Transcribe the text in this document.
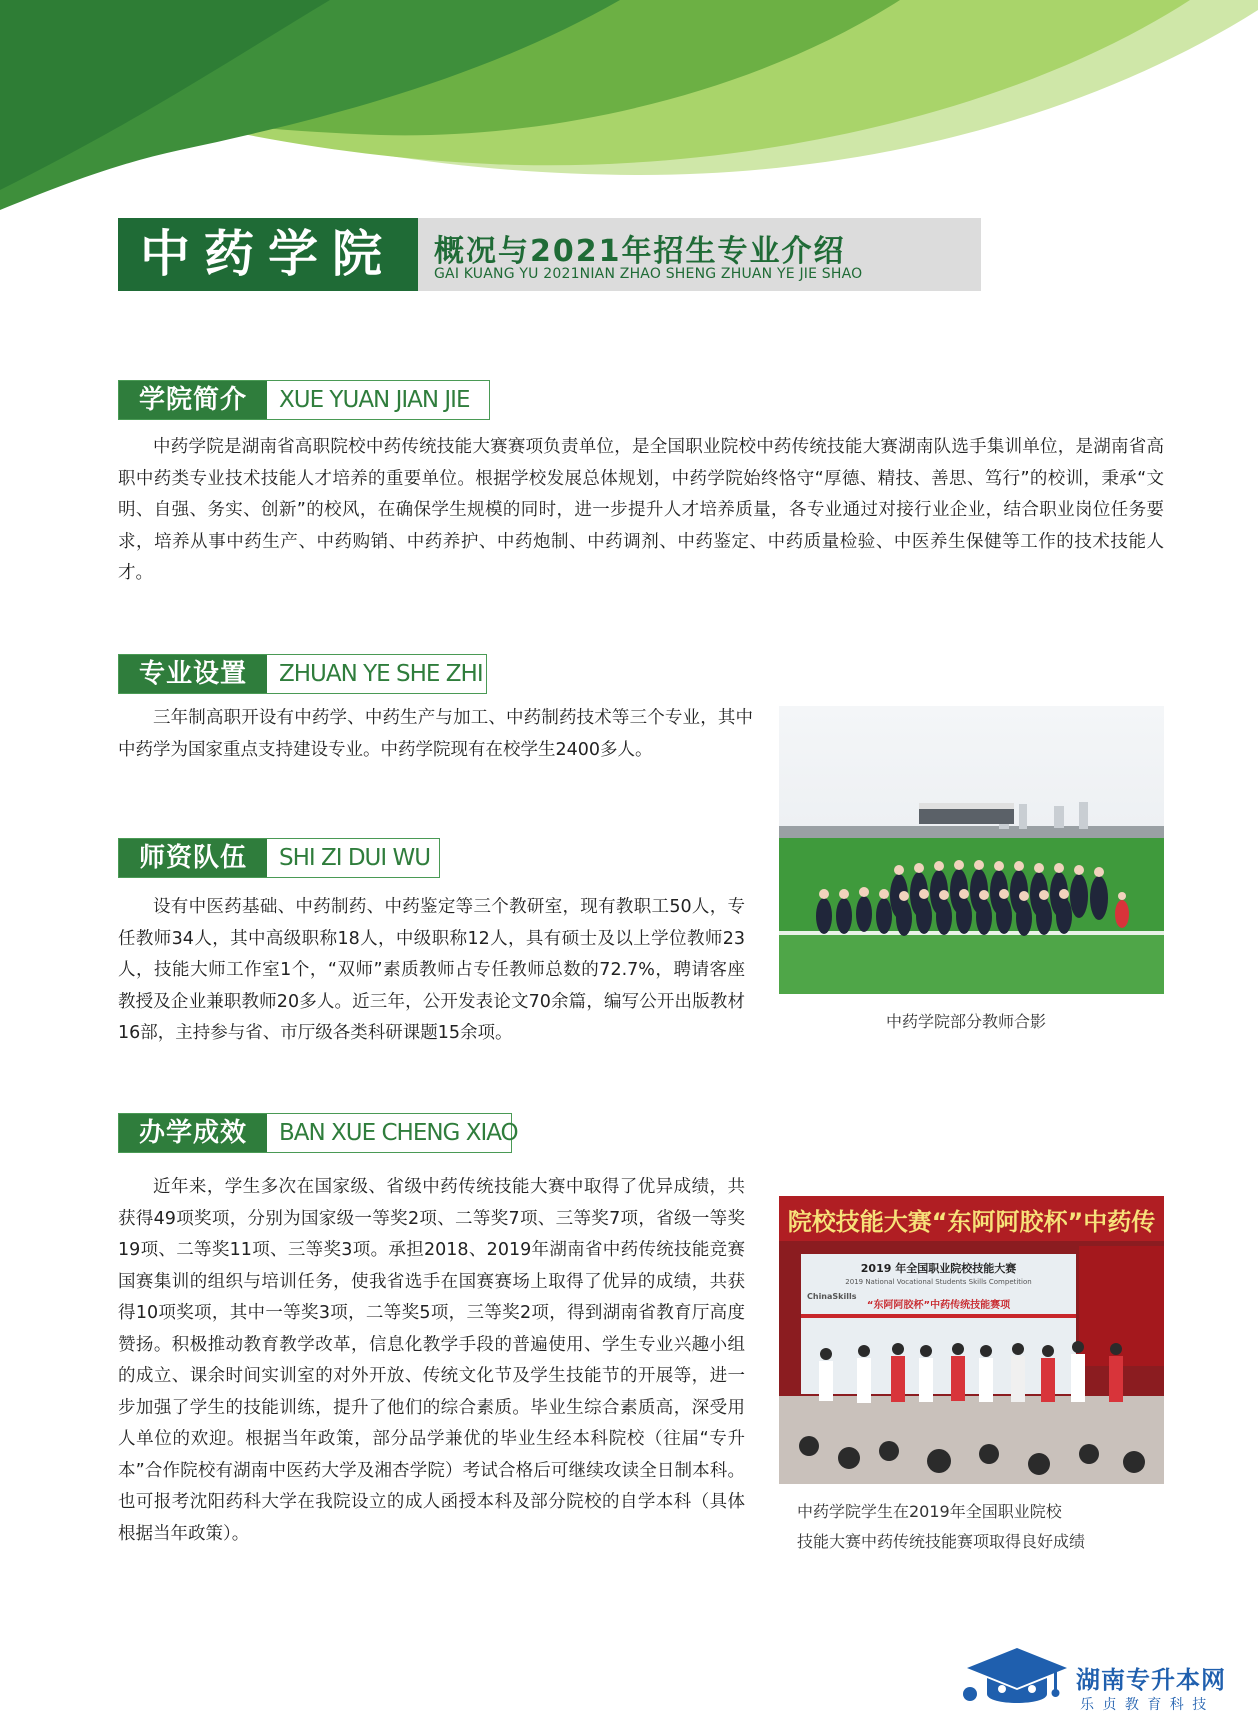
中药学院	概况与2021年招生专业介绍
GAI KUANG YU 2021NIAN ZHAO SHENG ZHUAN YE JIE SHAO
学院简介	XUE YUAN JIAN JIE
中药学院是湖南省高职院校中药传统技能大赛赛项负责单位，是全国职业院校中药传统技能大赛湖南队选手集训单位，是湖南省高职中药类专业技术技能人才培养的重要单位。根据学校发展总体规划，中药学院始终恪守“厚德、精技、善思、笃行”的校训，秉承“文明、自强、务实、创新”的校风，在确保学生规模的同时，进一步提升人才培养质量，各专业通过对接行业企业，结合职业岗位任务要求，培养从事中药生产、中药购销、中药养护、中药炮制、中药调剂、中药鉴定、中药质量检验、中医养生保健等工作的技术技能人才。
专业设置	ZHUAN YE SHE ZHI
三年制高职开设有中药学、中药生产与加工、中药制药技术等三个专业，其中中药学为国家重点支持建设专业。中药学院现有在校学生2400多人。
师资队伍	SHI ZI DUI WU
设有中医药基础、中药制药、中药鉴定等三个教研室，现有教职工50人，专任教师34人，其中高级职称18人，中级职称12人，具有硕士及以上学位教师23人，技能大师工作室1个，“双师”素质教师占专任教师总数的72.7%，聘请客座教授及企业兼职教师20多人。近三年，公开发表论文70余篇，编写公开出版教材16部，主持参与省、市厅级各类科研课题15余项。
办学成效	BAN XUE CHENG XIAO
近年来，学生多次在国家级、省级中药传统技能大赛中取得了优异成绩，共获得49项奖项，分别为国家级一等奖2项、二等奖7项、三等奖7项，省级一等奖19项、二等奖11项、三等奖3项。承担2018、2019年湖南省中药传统技能竞赛国赛集训的组织与培训任务，使我省选手在国赛赛场上取得了优异的成绩，共获得10项奖项，其中一等奖3项，二等奖5项，三等奖2项，得到湖南省教育厅高度赞扬。积极推动教育教学改革，信息化教学手段的普遍使用、学生专业兴趣小组的成立、课余时间实训室的对外开放、传统文化节及学生技能节的开展等，进一步加强了学生的技能训练，提升了他们的综合素质。毕业生综合素质高，深受用人单位的欢迎。根据当年政策，部分品学兼优的毕业生经本科院校（往届“专升本”合作院校有湖南中医药大学及湘杏学院）考试合格后可继续攻读全日制本科。也可报考沈阳药科大学在我院设立的成人函授本科及部分院校的自学本科（具体根据当年政策）。
中药学院部分教师合影
院校技能大赛“东阿阿胶杯”中药传
2019 年全国职业院校技能大赛
2019 National Vocational Students Skills Competition
ChinaSkills
“东阿阿胶杯”中药传统技能赛项
中药学院学生在2019年全国职业院校
技能大赛中药传统技能赛项取得良好成绩
湖南专升本网
乐 贞 教 育 科 技
